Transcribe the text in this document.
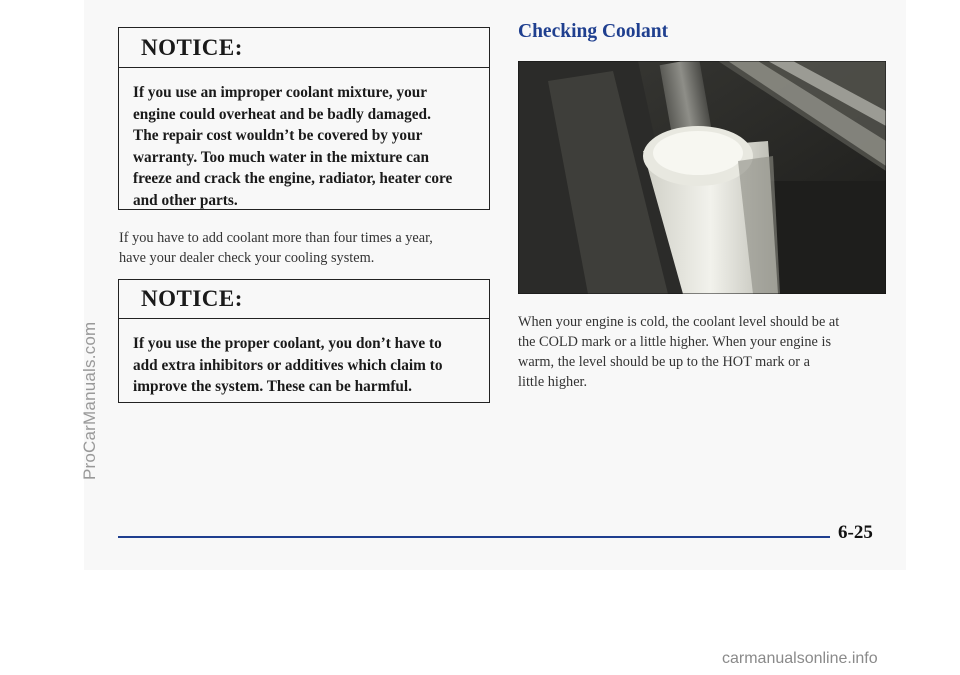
NOTICE:
If you use an improper coolant mixture, your
engine could overheat and be badly damaged.
The repair cost wouldn’t be covered by your
warranty. Too much water in the mixture can
freeze and crack the engine, radiator, heater core
and other parts.
If you have to add coolant more than four times a year,
have your dealer check your cooling system.
NOTICE:
If you use the proper coolant, you don’t have to
add extra inhibitors or additives which claim to
improve the system. These can be harmful.
Checking Coolant
When your engine is cold, the coolant level should be at
the COLD mark or a little higher. When your engine is
warm, the level should be up to the HOT mark or a
little higher.
6-25
ProCarManuals.com
carmanualsonline.info
